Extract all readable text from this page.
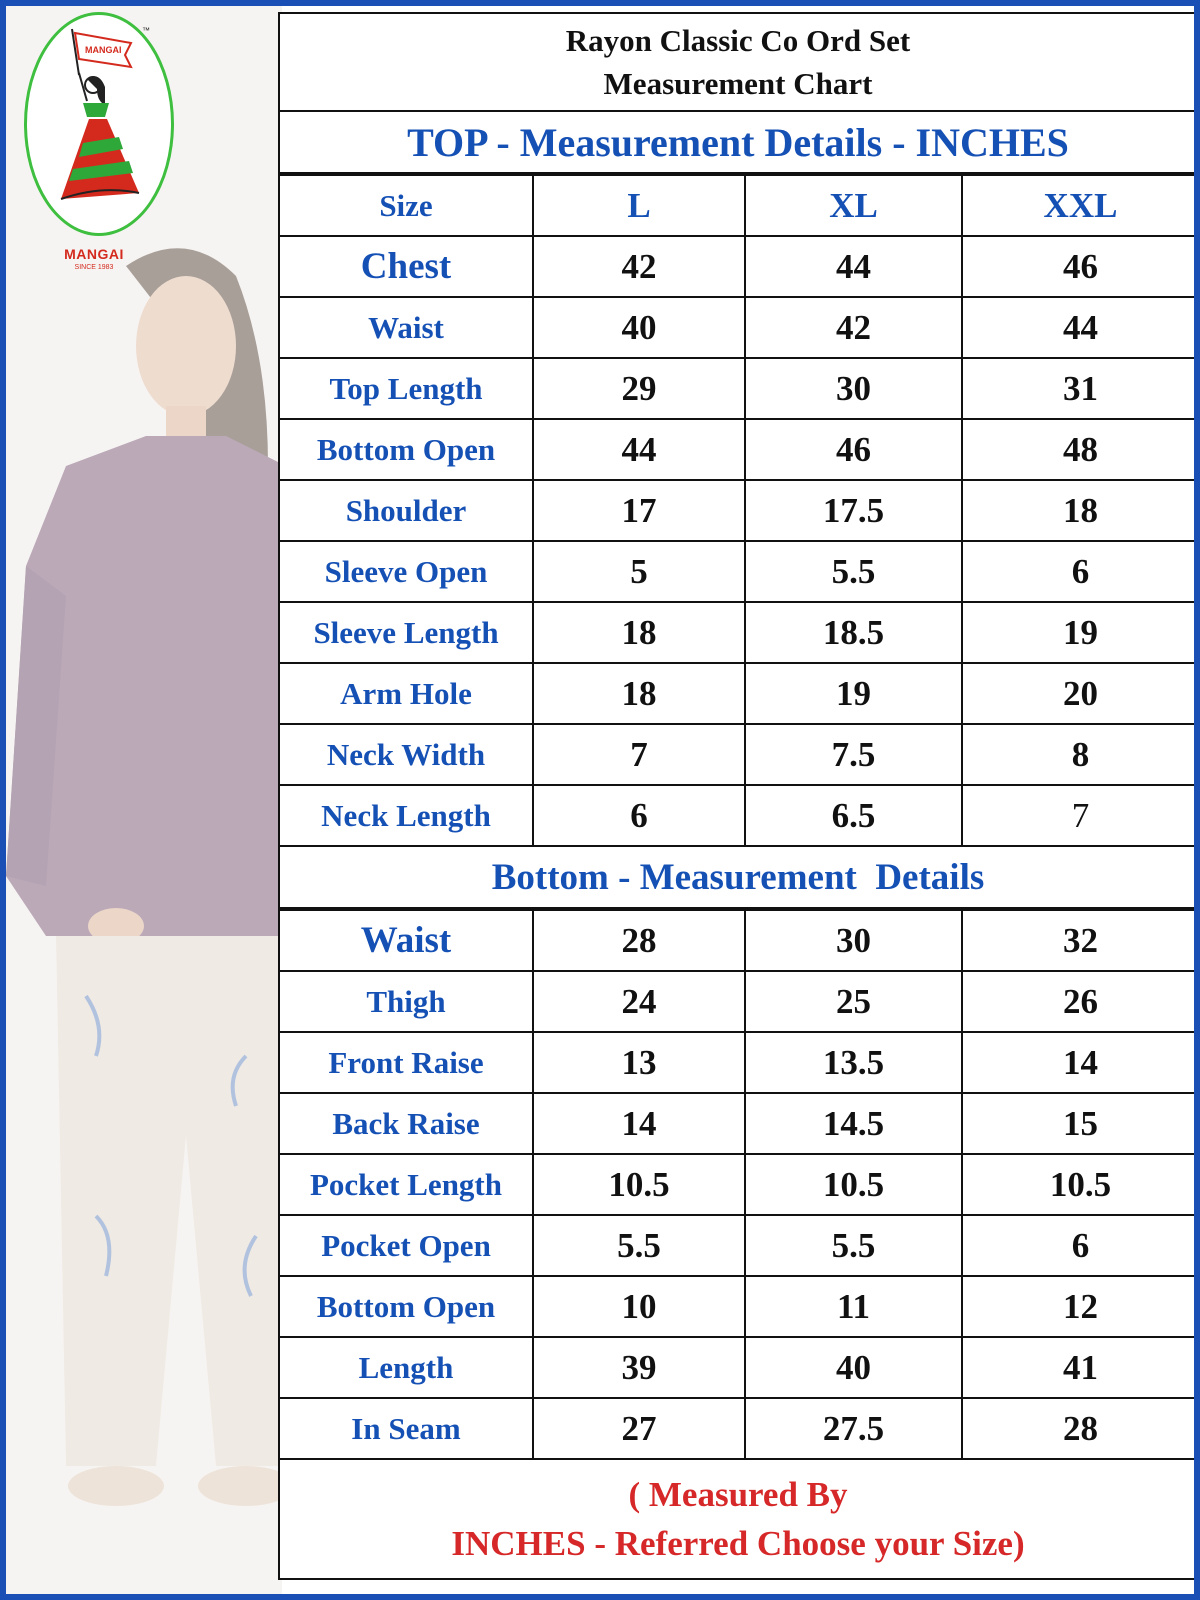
MANGAI
™
MANGAI
SINCE 1983
Rayon Classic Co Ord Set
Measurement Chart
TOP - Measurement Details - INCHES
Size	L	XL	XXL
Chest	42	44	46
Waist	40	42	44
Top Length	29	30	31
Bottom Open	44	46	48
Shoulder	17	17.5	18
Sleeve Open	5	5.5	6
Sleeve Length	18	18.5	19
Arm Hole	18	19	20
Neck Width	7	7.5	8
Neck Length	6	6.5	7
Bottom - Measurement  Details
Waist	28	30	32
Thigh	24	25	26
Front Raise	13	13.5	14
Back Raise	14	14.5	15
Pocket Length	10.5	10.5	10.5
Pocket Open	5.5	5.5	6
Bottom Open	10	11	12
Length	39	40	41
In Seam	27	27.5	28
( Measured By
INCHES - Referred Choose your Size)
